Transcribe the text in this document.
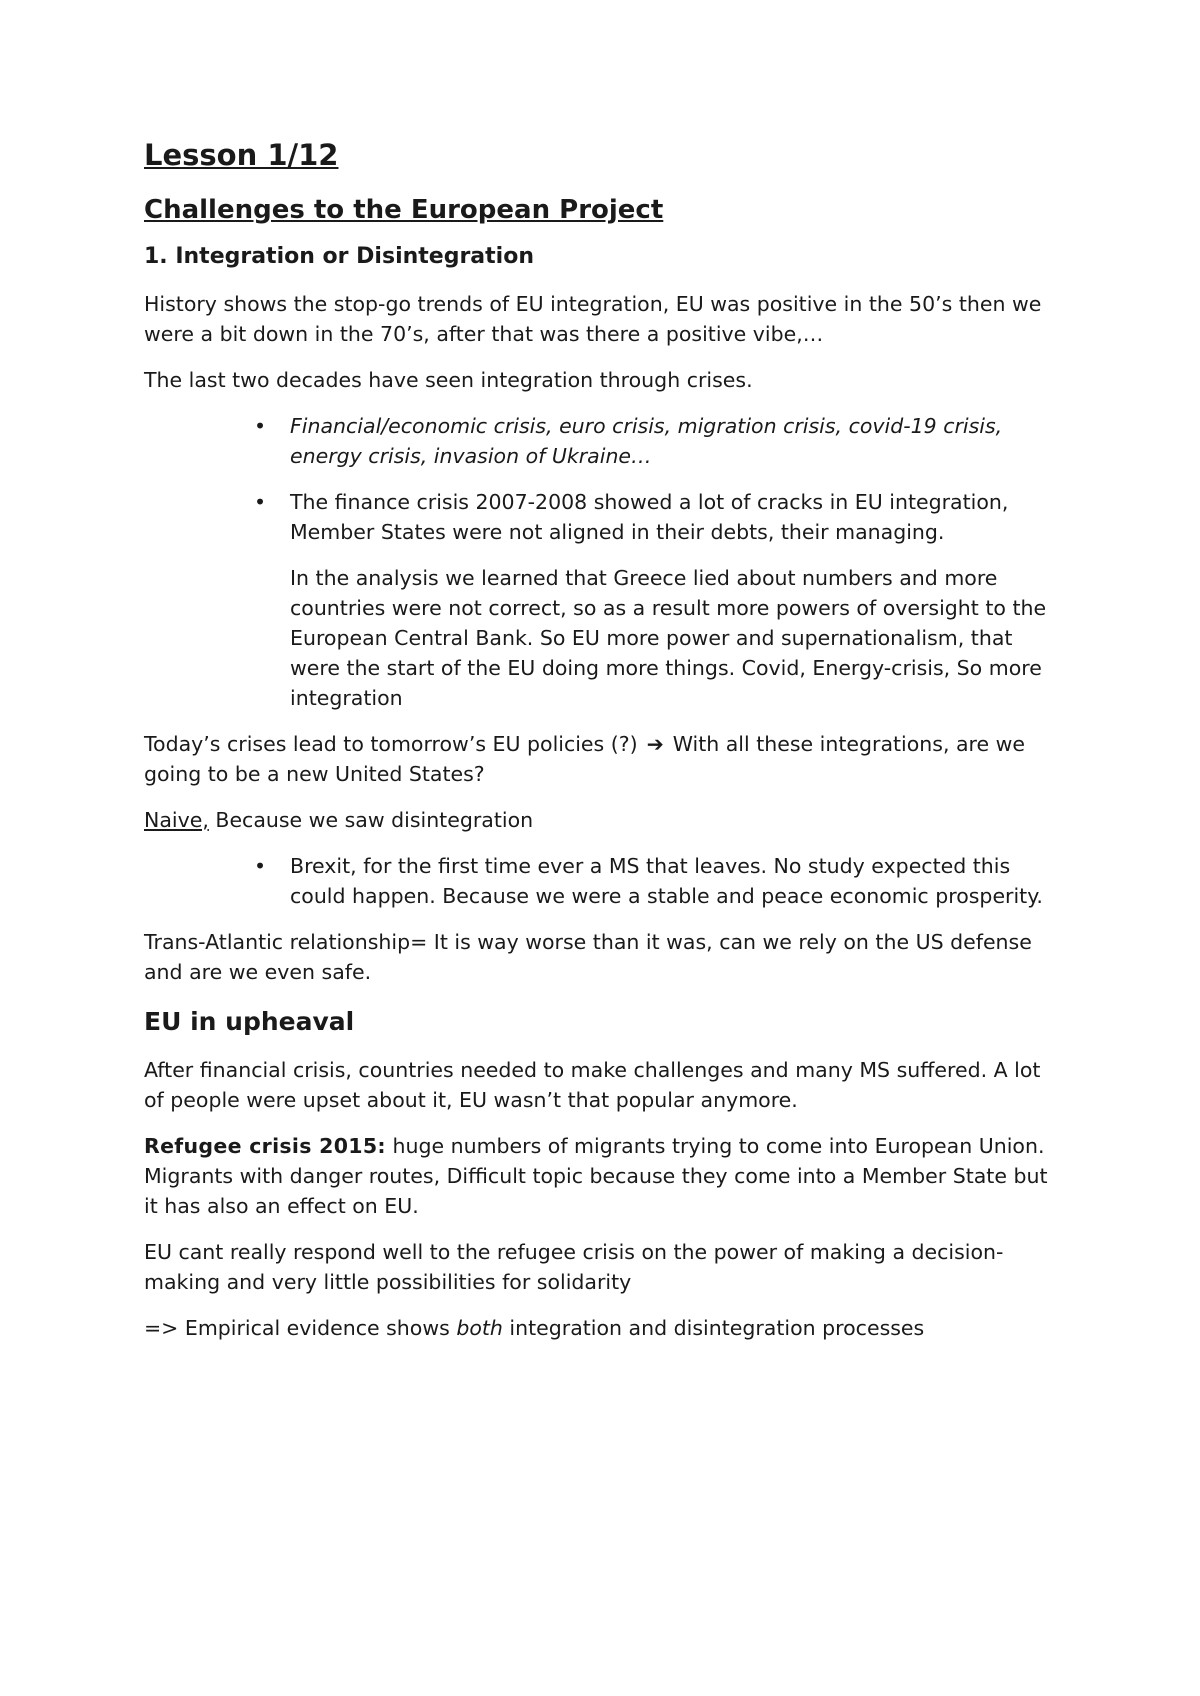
Lesson 1/12
Challenges to the European Project
1. Integration or Disintegration

History shows the stop-go trends of EU integration, EU was positive in the 50’s then we were a bit down in the 70’s, after that was there a positive vibe,…

The last two decades have seen integration through crises.

• Financial/economic crisis, euro crisis, migration crisis, covid-19 crisis, energy crisis, invasion of Ukraine…
• The finance crisis 2007-2008 showed a lot of cracks in EU integration, Member States were not aligned in their debts, their managing.

In the analysis we learned that Greece lied about numbers and more countries were not correct, so as a result more powers of oversight to the European Central Bank. So EU more power and supernationalism, that were the start of the EU doing more things. Covid, Energy-crisis, So more integration

Today’s crises lead to tomorrow’s EU policies (?) ➔ With all these integrations, are we going to be a new United States?

Naive, Because we saw disintegration

• Brexit, for the first time ever a MS that leaves. No study expected this could happen. Because we were a stable and peace economic prosperity.

Trans-Atlantic relationship= It is way worse than it was, can we rely on the US defense and are we even safe.

EU in upheaval

After financial crisis, countries needed to make challenges and many MS suffered. A lot of people were upset about it, EU wasn’t that popular anymore.

Refugee crisis 2015: huge numbers of migrants trying to come into European Union. Migrants with danger routes, Difficult topic because they come into a Member State but it has also an effect on EU.

EU cant really respond well to the refugee crisis on the power of making a decision-making and very little possibilities for solidarity

=> Empirical evidence shows both integration and disintegration processes
